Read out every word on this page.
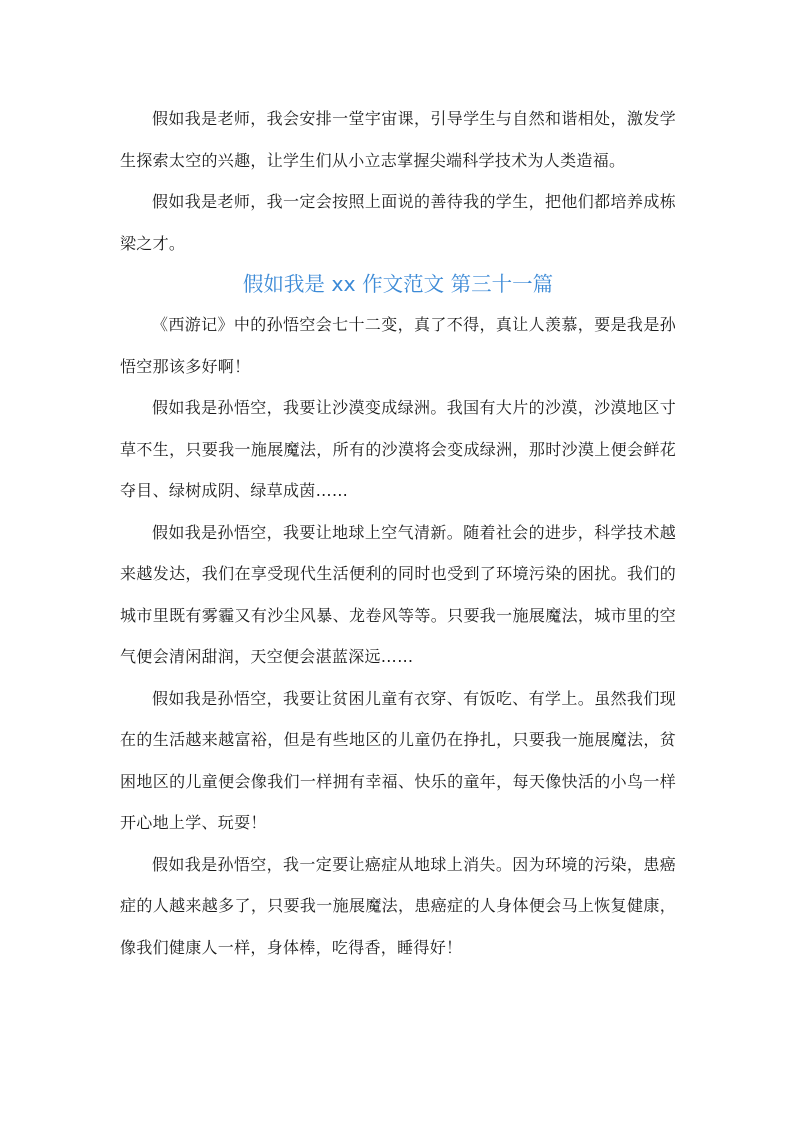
假如我是老师，我会安排一堂宇宙课，引导学生与自然和谐相处，激发学生探索太空的兴趣，让学生们从小立志掌握尖端科学技术为人类造福。

假如我是老师，我一定会按照上面说的善待我的学生，把他们都培养成栋梁之才。

假如我是 xx 作文范文 第三十一篇

《西游记》中的孙悟空会七十二变，真了不得，真让人羡慕，要是我是孙悟空那该多好啊！

假如我是孙悟空，我要让沙漠变成绿洲。我国有大片的沙漠，沙漠地区寸草不生，只要我一施展魔法，所有的沙漠将会变成绿洲，那时沙漠上便会鲜花夺目、绿树成阴、绿草成茵……

假如我是孙悟空，我要让地球上空气清新。随着社会的进步，科学技术越来越发达，我们在享受现代生活便利的同时也受到了环境污染的困扰。我们的城市里既有雾霾又有沙尘风暴、龙卷风等等。只要我一施展魔法，城市里的空气便会清闲甜润，天空便会湛蓝深远……

假如我是孙悟空，我要让贫困儿童有衣穿、有饭吃、有学上。虽然我们现在的生活越来越富裕，但是有些地区的儿童仍在挣扎，只要我一施展魔法，贫困地区的儿童便会像我们一样拥有幸福、快乐的童年，每天像快活的小鸟一样开心地上学、玩耍！

假如我是孙悟空，我一定要让癌症从地球上消失。因为环境的污染，患癌症的人越来越多了，只要我一施展魔法，患癌症的人身体便会马上恢复健康，像我们健康人一样，身体棒，吃得香，睡得好！
